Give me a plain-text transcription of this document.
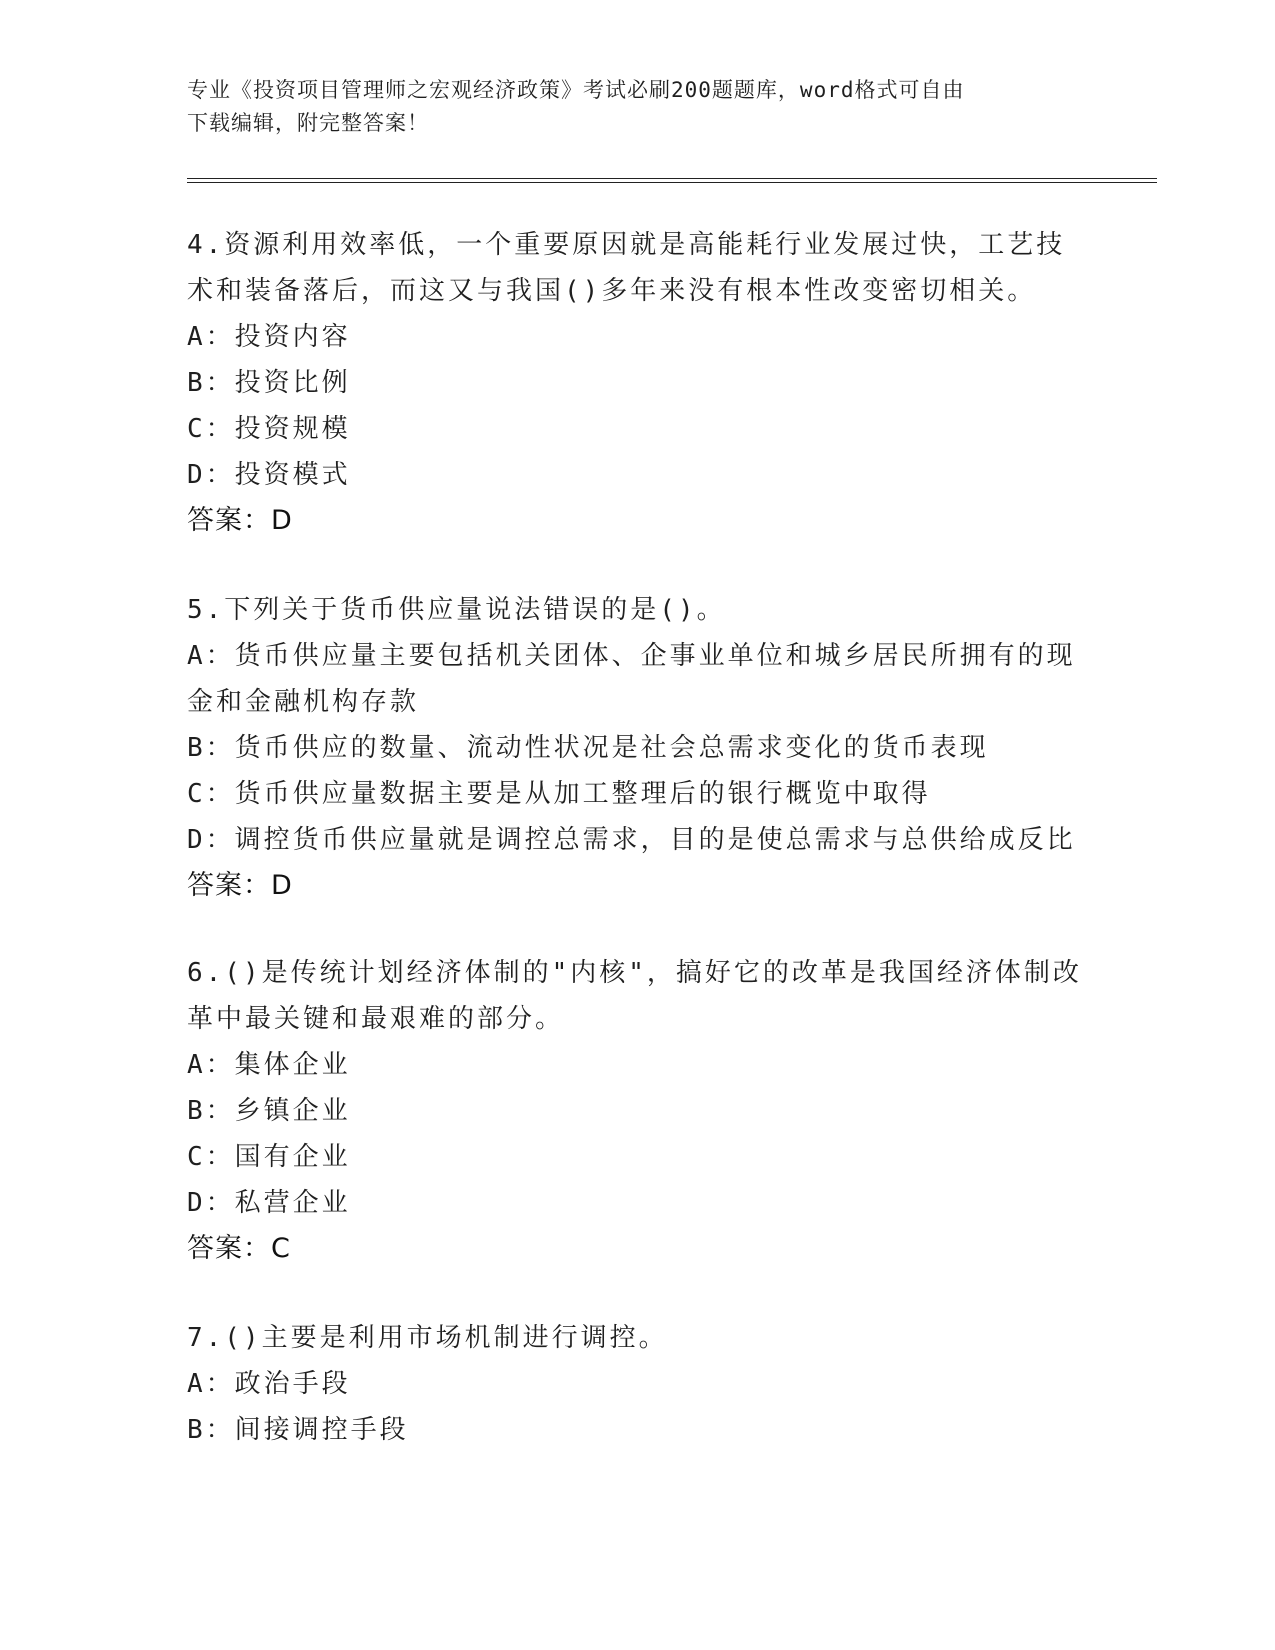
专业《投资项目管理师之宏观经济政策》考试必刷200题题库，word格式可自由
下载编辑，附完整答案！
4.资源利用效率低，一个重要原因就是高能耗行业发展过快，工艺技
术和装备落后，而这又与我国()多年来没有根本性改变密切相关。
A：投资内容
B：投资比例
C：投资规模
D：投资模式
答案：D
5.下列关于货币供应量说法错误的是()。
A：货币供应量主要包括机关团体、企事业单位和城乡居民所拥有的现
金和金融机构存款
B：货币供应的数量、流动性状况是社会总需求变化的货币表现
C：货币供应量数据主要是从加工整理后的银行概览中取得
D：调控货币供应量就是调控总需求，目的是使总需求与总供给成反比
答案：D
6.()是传统计划经济体制的"内核"，搞好它的改革是我国经济体制改
革中最关键和最艰难的部分。
A：集体企业
B：乡镇企业
C：国有企业
D：私营企业
答案：C
7.()主要是利用市场机制进行调控。
A：政治手段
B：间接调控手段
